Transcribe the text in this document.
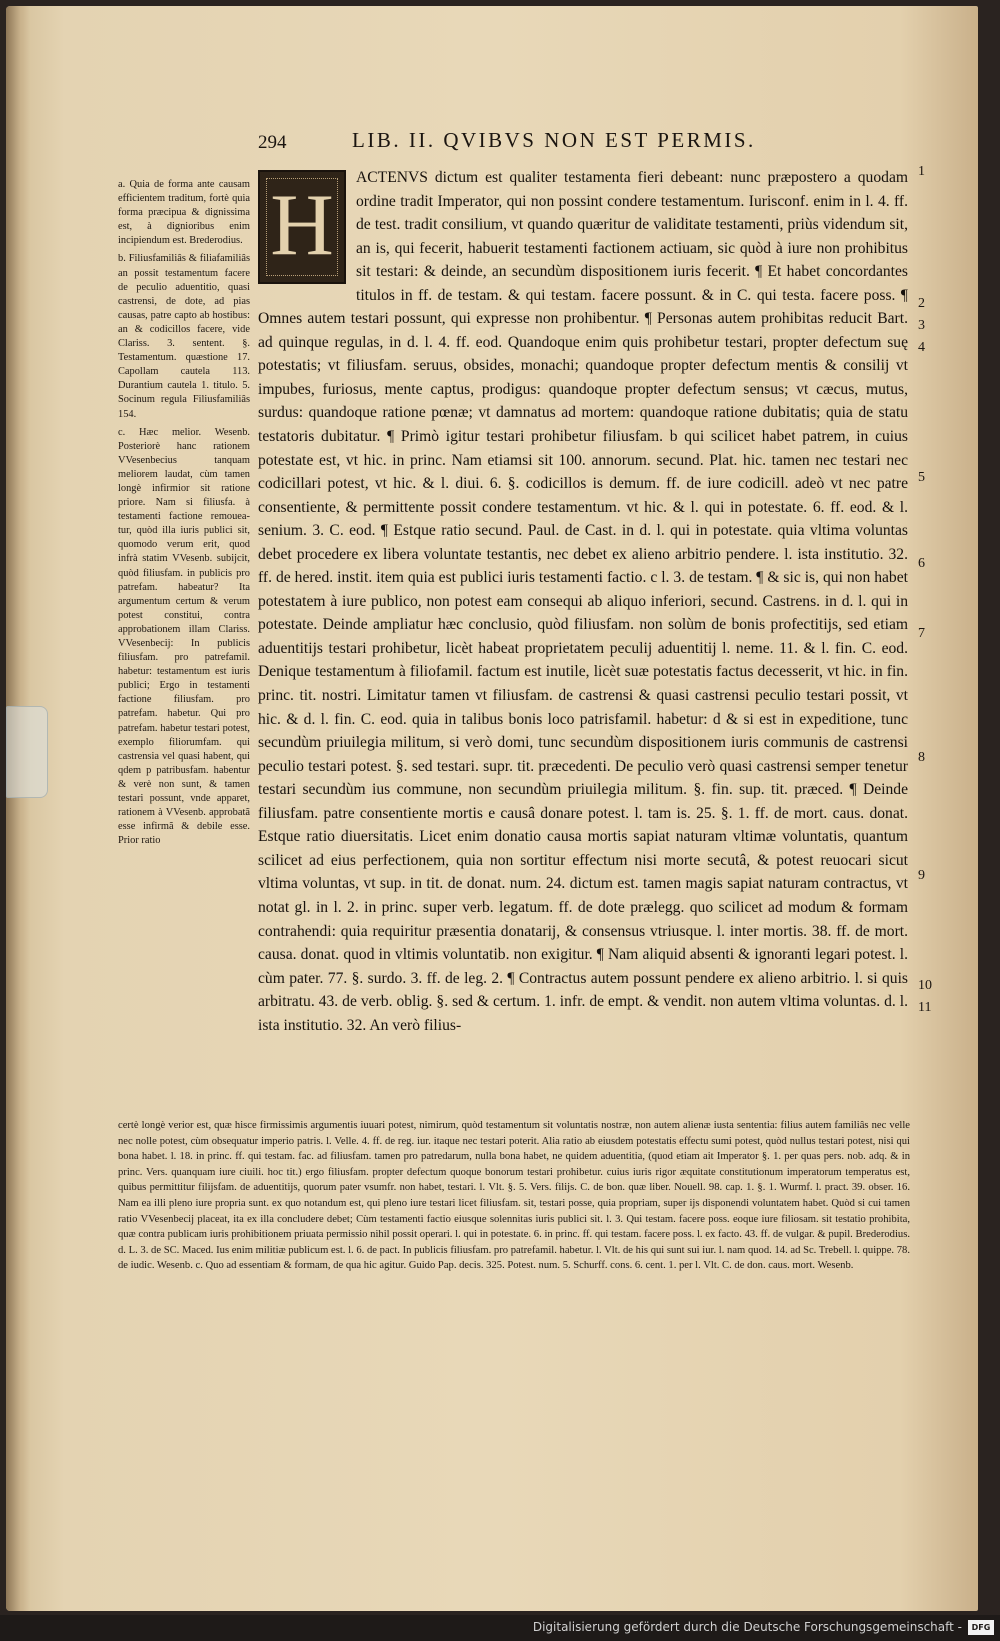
294	LIB. II. QVIBVS NON EST PERMIS.

a. Quia de forma ante causam efficientem traditum, fortè quia forma præcipua & dignissima est, à dignioribus enim incipiendum est. Brederodius.

b. Filiusfamiliâs & filiafamiliâs an possit testamentum facere de peculio aduentitio, quasi castrensi, de dote, ad pias causas, patre capto ab hostibus: an & codicillos facere, vide Clariss. 3. sentent. §. Testamentum. quæstione 17. Capollam cautela 113. Durantium cautela 1. titulo. 5. Socinum regula Filiusfamiliâs 154.

c. Hæc melior. Wesenb. Posteriorè hanc rationem VVesenbecius tanquam meliorem laudat, cùm tamen longè infirmior sit ratione priore. Nam si filiusfa. à testamenti factione remouea-tur, quòd illa iuris publici sit, quomodo verum erit, quod infrà statim VVesenb. subijcit, quòd filiusfam. in publicis pro patrefam. habeatur? Ita argumentum certum & verum potest constitui, contra approbationem illam Clariss. VVesenbecij: In publicis filiusfam. pro patrefamil. habetur: testamentum est iuris publici; Ergo in testamenti factione filiusfam. pro patrefam. habetur. Qui pro patrefam. habetur testari potest, exemplo filiorumfam. qui castrensia vel quasi habent, qui qdem p patribusfam. habentur & verè non sunt, & tamen testari possunt, vnde apparet, rationem à VVesenb. approbatã esse infirmã & debile esse. Prior ratio

H	ACTENVS dictum est qualiter testamenta fieri debeant: nunc præpostero a quodam ordine tradit Imperator, qui non possint condere testamentum. Iurisconf. enim in l. 4. ff. de test. tradit consilium, vt quando quæritur de validitate testamenti, priùs videndum sit, an is, qui fecerit, habuerit testamenti factionem actiuam, sic quòd à iure non prohibitus sit testari: & deinde, an secundùm dispositionem iuris fecerit. ¶ Et habet concordantes titulos in ff. de testam. & qui testam. facere possunt. & in C. qui testa. facere poss. ¶ Omnes autem testari possunt, qui expresse non prohibentur. ¶ Personas autem prohibitas reducit Bart. ad quinque regulas, in d. l. 4. ff. eod. Quandoque enim quis prohibetur testari, propter defectum suę potestatis; vt filiusfam. seruus, obsides, monachi; quandoque propter defectum mentis & consilij vt impubes, furiosus, mente captus, prodigus: quandoque propter defectum sensus; vt cæcus, mutus, surdus: quandoque ratione pœnæ; vt damnatus ad mortem: quandoque ratione dubitatis; quia de statu testatoris dubitatur. ¶ Primò igitur testari prohibetur filiusfam. b qui scilicet habet patrem, in cuius potestate est, vt hic. in princ. Nam etiamsi sit 100. annorum. secund. Plat. hic. tamen nec testari nec codicillari potest, vt hic. & l. diui. 6. §. codicillos is demum. ff. de iure codicill. adeò vt nec patre consentiente, & permittente possit condere testamentum. vt hic. & l. qui in potestate. 6. ff. eod. & l. senium. 3. C. eod. ¶ Estque ratio secund. Paul. de Cast. in d. l. qui in potestate. quia vltima voluntas debet procedere ex libera voluntate testantis, nec debet ex alieno arbitrio pendere. l. ista institutio. 32. ff. de hered. instit. item quia est publici iuris testamenti factio. c l. 3. de testam. ¶ & sic is, qui non habet potestatem à iure publico, non potest eam consequi ab aliquo inferiori, secund. Castrens. in d. l. qui in potestate. Deinde ampliatur hæc conclusio, quòd filiusfam. non solùm de bonis profectitijs, sed etiam aduentitijs testari prohibetur, licèt habeat proprietatem peculij aduentitij l. neme. 11. & l. fin. C. eod. Denique testamentum à filiofamil. factum est inutile, licèt suæ potestatis factus decesserit, vt hic. in fin. princ. tit. nostri. Limitatur tamen vt filiusfam. de castrensi & quasi castrensi peculio testari possit, vt hic. & d. l. fin. C. eod. quia in talibus bonis loco patrisfamil. habetur: d & si est in expeditione, tunc secundùm priuilegia militum, si verò domi, tunc secundùm dispositionem iuris communis de castrensi peculio testari potest. §. sed testari. supr. tit. præcedenti. De peculio verò quasi castrensi semper tenetur testari secundùm ius commune, non secundùm priuilegia militum. §. fin. sup. tit. præced. ¶ Deinde filiusfam. patre consentiente mortis e causâ donare potest. l. tam is. 25. §. 1. ff. de mort. caus. donat. Estque ratio diuersitatis. Licet enim donatio causa mortis sapiat naturam vltimæ voluntatis, quantum scilicet ad eius perfectionem, quia non sortitur effectum nisi morte secutâ, & potest reuocari sicut vltima voluntas, vt sup. in tit. de donat. num. 24. dictum est. tamen magis sapiat naturam contractus, vt notat gl. in l. 2. in princ. super verb. legatum. ff. de dote prælegg. quo scilicet ad modum & formam contrahendi: quia requiritur præsentia donatarij, & consensus vtriusque. l. inter mortis. 38. ff. de mort. causa. donat. quod in vltimis voluntatib. non exigitur. ¶ Nam aliquid absenti & ignoranti legari potest. l. cùm pater. 77. §. surdo. 3. ff. de leg. 2. ¶ Contractus autem possunt pendere ex alieno arbitrio. l. si quis arbitratu. 43. de verb. oblig. §. sed & certum. 1. infr. de empt. & vendit. non autem vltima voluntas. d. l. ista institutio. 32. An verò filius-

1
2
3
4
5
6
7
8
9
10
11

certè longè verior est, quæ hisce firmissimis argumentis iuuari potest, nimirum, quòd testamentum sit voluntatis nostræ, non autem alienæ iusta sententia: filius autem familiâs nec velle nec nolle potest, cùm obsequatur imperio patris. l. Velle. 4. ff. de reg. iur. itaque nec testari poterit. Alia ratio ab eiusdem potestatis effectu sumi potest, quòd nullus testari potest, nisi qui bona habet. l. 18. in princ. ff. qui testam. fac. ad filiusfam. tamen pro patredarum, nulla bona habet, ne quidem aduentitia, (quod etiam ait Imperator §. 1. per quas pers. nob. adq. & in princ. Vers. quanquam iure ciuili. hoc tit.) ergo filiusfam. propter defectum quoque bonorum testari prohibetur. cuius iuris rigor æquitate constitutionum imperatorum temperatus est, quibus permittitur filijsfam. de aduentitijs, quorum pater vsumfr. non habet, testari. l. Vlt. §. 5. Vers. filijs. C. de bon. quæ liber. Nouell. 98. cap. 1. §. 1. Wurmf. l. pract. 39. obser. 16. Nam ea illi pleno iure propria sunt. ex quo notandum est, qui pleno iure testari licet filiusfam. sit, testari posse, quia propriam, super ijs disponendi voluntatem habet. Quòd si cui tamen ratio VVesenbecij placeat, ita ex illa concludere debet; Cùm testamenti factio eiusque solennitas iuris publici sit. l. 3. Qui testam. facere poss. eoque iure filiosam. sit testatio prohibita, quæ contra publicam iuris prohibitionem priuata permissio nihil possit operari. l. qui in potestate. 6. in princ. ff. qui testam. facere poss. l. ex facto. 43. ff. de vulgar. & pupil. Brederodius. d. L. 3. de SC. Maced. Ius enim militiæ publicum est. l. 6. de pact. In publicis filiusfam. pro patrefamil. habetur. l. Vlt. de his qui sunt sui iur. l. nam quod. 14. ad Sc. Trebell. l. quippe. 78. de iudic. Wesenb. c. Quo ad essentiam & formam, de qua hic agitur. Guido Pap. decis. 325. Potest. num. 5. Schurff. cons. 6. cent. 1. per l. Vlt. C. de don. caus. mort. Wesenb.

Digitalisierung gefördert durch die Deutsche Forschungsgemeinschaft -	DFG
